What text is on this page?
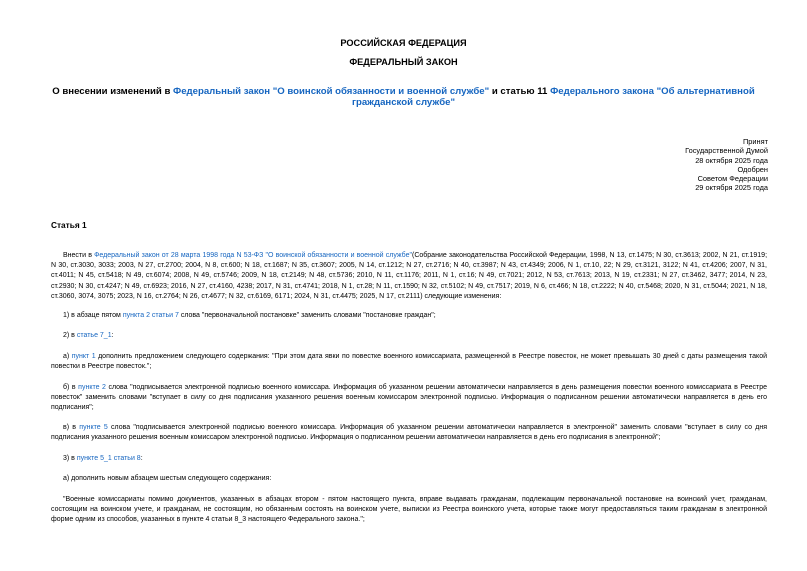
РОССИЙСКАЯ ФЕДЕРАЦИЯ
ФЕДЕРАЛЬНЫЙ ЗАКОН
О внесении изменений в Федеральный закон "О воинской обязанности и военной службе" и статью 11 Федерального закона "Об альтернативной гражданской службе"
Принят
Государственной Думой
28 октября 2025 года
Одобрен
Советом Федерации
29 октября 2025 года
Статья 1
Внести в Федеральный закон от 28 марта 1998 года N 53-ФЗ "О воинской обязанности и военной службе"(Собрание законодательства Российской Федерации, 1998, N 13, ст.1475; N 30, ст.3613; 2002, N 21, ст.1919; N 30, ст.3030, 3033; 2003, N 27, ст.2700; 2004, N 8, ст.600; N 18, ст.1687; N 35, ст.3607; 2005, N 14, ст.1212; N 27, ст.2716; N 40, ст.3987; N 43, ст.4349; 2006, N 1, ст.10, 22; N 29, ст.3121, 3122; N 41, ст.4206; 2007, N 31, ст.4011; N 45, ст.5418; N 49, ст.6074; 2008, N 49, ст.5746; 2009, N 18, ст.2149; N 48, ст.5736; 2010, N 11, ст.1176; 2011, N 1, ст.16; N 49, ст.7021; 2012, N 53, ст.7613; 2013, N 19, ст.2331; N 27, ст.3462, 3477; 2014, N 23, ст.2930; N 30, ст.4247; N 49, ст.6923; 2016, N 27, ст.4160, 4238; 2017, N 31, ст.4741; 2018, N 1, ст.28; N 11, ст.1590; N 32, ст.5102; N 49, ст.7517; 2019, N 6, ст.466; N 18, ст.2222; N 40, ст.5468; 2020, N 31, ст.5044; 2021, N 18, ст.3060, 3074, 3075; 2023, N 16, ст.2764; N 26, ст.4677; N 32, ст.6169, 6171; 2024, N 31, ст.4475; 2025, N 17, ст.2111) следующие изменения:
1) в абзаце пятом пункта 2 статьи 7 слова "первоначальной постановке" заменить словами "постановке граждан";
2) в статье 7_1:
а) пункт 1 дополнить предложением следующего содержания: "При этом дата явки по повестке военного комиссариата, размещенной в Реестре повесток, не может превышать 30 дней с даты размещения такой повестки в Реестре повесток.";
б) в пункте 2 слова "подписывается электронной подписью военного комиссара. Информация об указанном решении автоматически направляется в день размещения повестки военного комиссариата в Реестре повесток" заменить словами "вступает в силу со дня подписания указанного решения военным комиссаром электронной подписью. Информация о подписанном решении автоматически направляется в день его подписания";
в) в пункте 5 слова "подписывается электронной подписью военного комиссара. Информация об указанном решении автоматически направляется в электронной" заменить словами "вступает в силу со дня подписания указанного решения военным комиссаром электронной подписью. Информация о подписанном решении автоматически направляется в день его подписания в электронной";
3) в пункте 5_1 статьи 8:
а) дополнить новым абзацем шестым следующего содержания:
"Военные комиссариаты помимо документов, указанных в абзацах втором - пятом настоящего пункта, вправе выдавать гражданам, подлежащим первоначальной постановке на воинский учет, гражданам, состоящим на воинском учете, и гражданам, не состоящим, но обязанным состоять на воинском учете, выписки из Реестра воинского учета, которые также могут предоставляться таким гражданам в электронной форме одним из способов, указанных в пункте 4 статьи 8_3 настоящего Федерального закона.";
